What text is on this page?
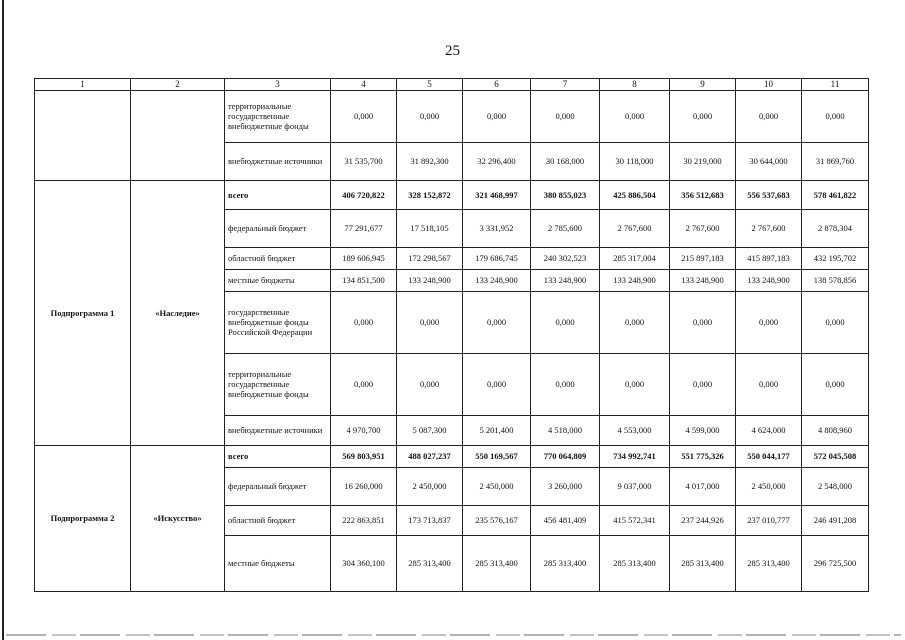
25
1	2	3	4	5	6	7	8	9	10	11
		территориальные государственные внебюджетные фонды	0,000	0,000	0,000	0,000	0,000	0,000	0,000	0,000
		внебюджетные источники	31 535,700	31 892,300	32 296,400	30 168,000	30 118,000	30 219,000	30 644,000	31 869,760
Подпрограмма 1	«Наследие»	всего	406 720,822	328 152,872	321 468,997	380 855,023	425 886,504	356 512,683	556 537,683	578 461,822
		федеральный бюджет	77 291,677	17 518,105	3 331,952	2 785,600	2 767,600	2 767,600	2 767,600	2 878,304
		областной бюджет	189 606,945	172 298,567	179 686,745	240 302,523	285 317,004	215 897,183	415 897,183	432 195,702
		местные бюджеты	134 851,500	133 248,900	133 248,900	133 248,900	133 248,900	133 248,900	133 248,900	138 578,856
		государственные внебюджетные фонды Российской Федерации	0,000	0,000	0,000	0,000	0,000	0,000	0,000	0,000
		территориальные государственные внебюджетные фонды	0,000	0,000	0,000	0,000	0,000	0,000	0,000	0,000
		внебюджетные источники	4 970,700	5 087,300	5 201,400	4 518,000	4 553,000	4 599,000	4 624,000	4 808,960
Подпрограмма 2	«Искусство»	всего	569 803,951	488 027,237	550 169,567	770 064,809	734 992,741	551 775,326	550 044,177	572 045,508
		федеральный бюджет	16 260,000	2 450,000	2 450,000	3 260,000	9 037,000	4 017,000	2 450,000	2 548,000
		областной бюджет	222 863,851	173 713,837	235 576,167	456 481,409	415 572,341	237 244,926	237 010,777	246 491,208
		местные бюджеты	304 360,100	285 313,400	285 313,400	285 313,400	285 313,400	285 313,400	285 313,400	296 725,500
